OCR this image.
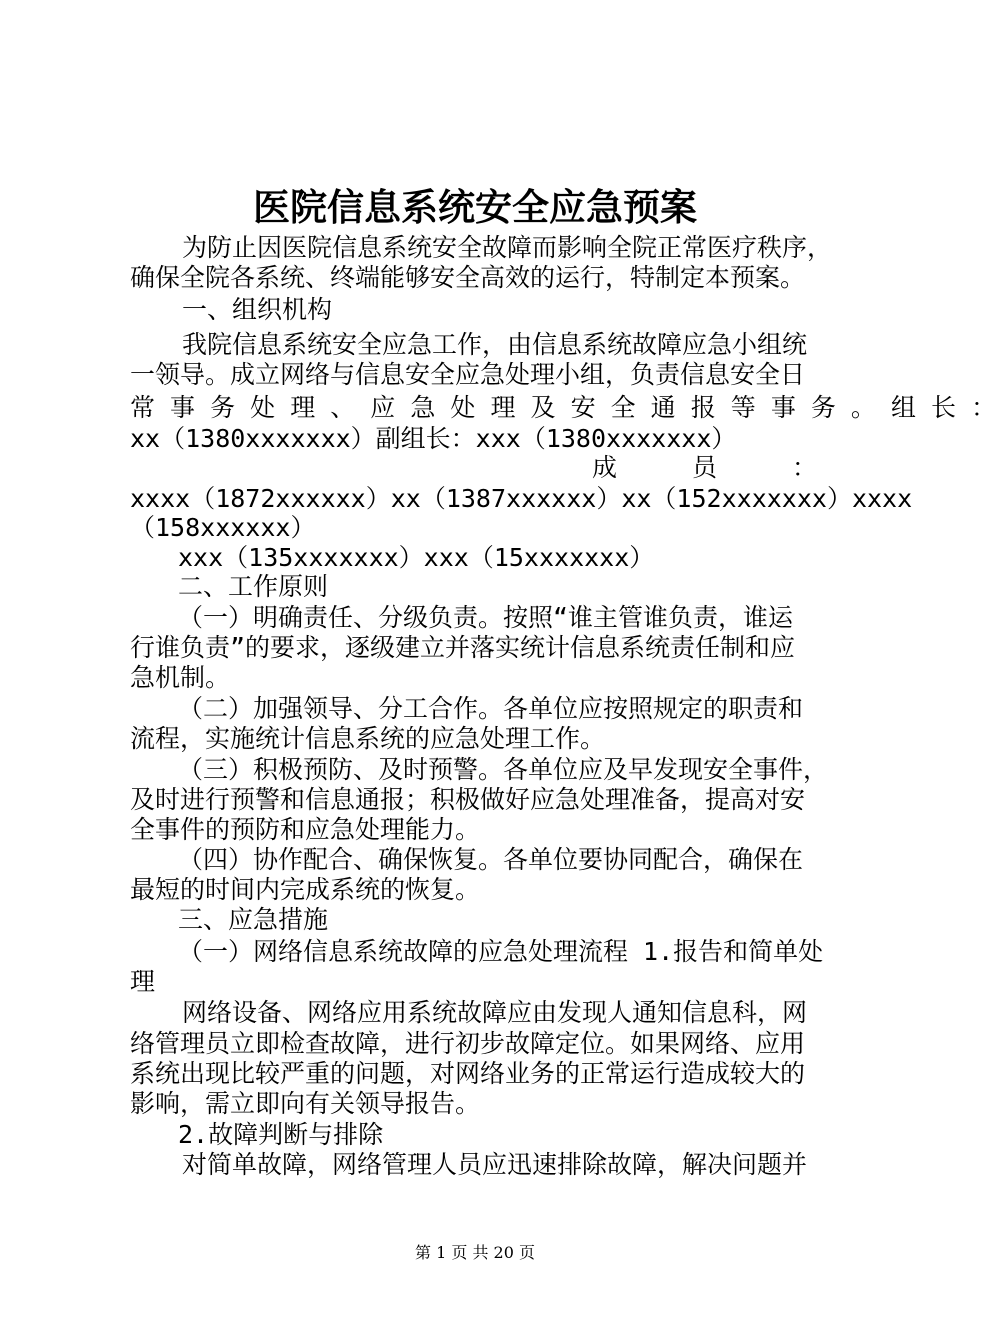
医院信息系统安全应急预案
为防止因医院信息系统安全故障而影响全院正常医疗秩序，
确保全院各系统、终端能够安全高效的运行，特制定本预案。
一、组织机构
我院信息系统安全应急工作，由信息系统故障应急小组统
一领导。成立网络与信息安全应急处理小组，负责信息安全日
常 事 务 处 理 、 应 急 处 理 及 安 全 通 报 等 事 务 。 组 长 ：
xx（1380xxxxxxx）副组长：xxx（1380xxxxxxx）
成　　　员　　　：
xxxx（1872xxxxxx）xx（1387xxxxxx）xx（152xxxxxxx）xxxx
（158xxxxxx）
xxx（135xxxxxxx）xxx（15xxxxxxx）
二、工作原则
（一）明确责任、分级负责。按照“谁主管谁负责，谁运
行谁负责”的要求，逐级建立并落实统计信息系统责任制和应
急机制。
（二）加强领导、分工合作。各单位应按照规定的职责和
流程，实施统计信息系统的应急处理工作。
（三）积极预防、及时预警。各单位应及早发现安全事件，
及时进行预警和信息通报；积极做好应急处理准备，提高对安
全事件的预防和应急处理能力。
（四）协作配合、确保恢复。各单位要协同配合，确保在
最短的时间内完成系统的恢复。
三、应急措施
（一）网络信息系统故障的应急处理流程 1.报告和简单处
理
网络设备、网络应用系统故障应由发现人通知信息科，网
络管理员立即检查故障，进行初步故障定位。如果网络、应用
系统出现比较严重的问题，对网络业务的正常运行造成较大的
影响，需立即向有关领导报告。
2.故障判断与排除
对简单故障，网络管理人员应迅速排除故障，解决问题并
第 1 页 共 20 页
